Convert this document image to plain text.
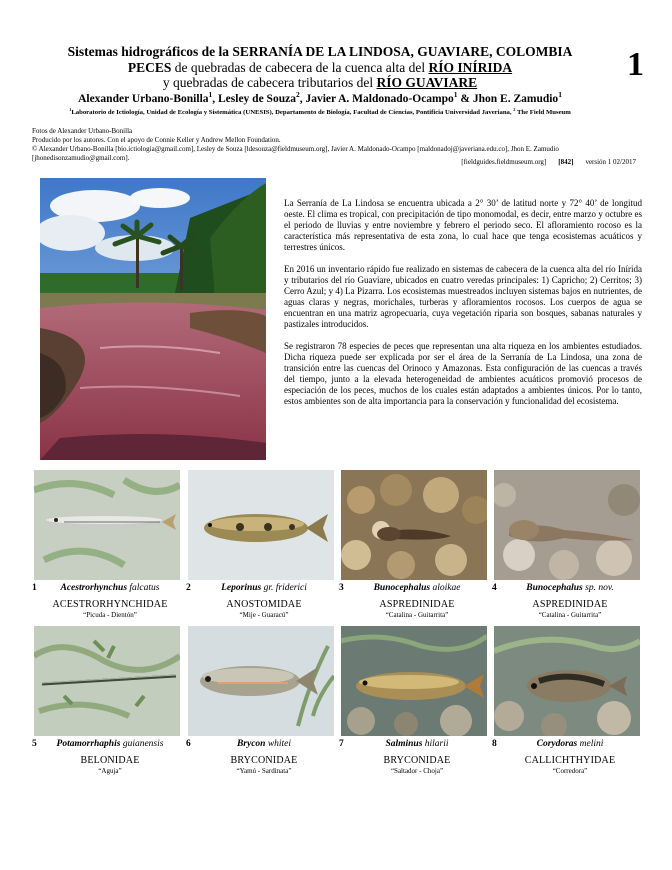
Sistemas hidrográficos de la SERRANÍA DE LA LINDOSA, GUAVIARE, COLOMBIA
PECES de quebradas de cabecera de la cuenca alta del RÍO INÍRIDA
y quebradas de cabecera tributarios del RÍO GUAVIARE
Alexander Urbano-Bonilla$^1$, Lesley de Souza$^2$, Javier A. Maldonado-Ocampo$^1$ & Jhon E. Zamudio$^1$
$^1$Laboratorio de Ictiología, Unidad de Ecología y Sistemática (UNESIS), Departamento de Biología, Facultad de Ciencias, Pontificia Universidad Javeriana, $^2$ The Field Museum
1
Fotos de Alexander Urbano-Bonilla
Producido por los autores. Con el apoyo de Connie Keller y Andrew Mellon Foundation.
© Alexander Urbano-Bonilla [bio.ictiologia@gmail.com], Lesley de Souza [ldesouza@fieldmuseum.org], Javier A. Maldonado-Ocampo [maldonadoj@javeriana.edu.co], Jhon E. Zamudio
[jhonedisonzamudio@gmail.com].	[fieldguides.fieldmuseum.org] [842] versión 1 02/2017

La Serranía de La Lindosa se encuentra ubicada a 2° 30’ de latitud norte y 72° 40’ de longitud oeste. El clima es tropical, con precipitación de tipo monomodal, es decir, entre marzo y octubre es el periodo de lluvias y entre noviembre y febrero el periodo seco. El afloramiento rocoso es la característica más representativa de esta zona, lo cual hace que tenga ecosistemas acuáticos y terrestres únicos.

En 2016 un inventario rápido fue realizado en sistemas de cabecera de la cuenca alta del río Inírida y tributarios del río Guaviare, ubicados en cuatro veredas principales: 1) Capricho; 2) Cerritos; 3) Cerro Azul; y 4) La Pizarra. Los ecosistemas muestreados incluyen sistemas bajos en nutrientes, de aguas claras y negras, morichales, turberas y afloramientos rocosos. Los cuerpos de agua se encuentran en una matriz agropecuaria, cuya vegetación riparia son bosques, sabanas naturales y pastizales introducidos.

Se registraron 78 especies de peces que representan una alta riqueza en los ambientes estudiados. Dicha riqueza puede ser explicada por ser el área de la Serranía de La Lindosa, una zona de transición entre las cuencas del Orinoco y Amazonas. Esta configuración de las cuencas a través del tiempo, junto a la elevada heterogeneidad de ambientes acuáticos promovió procesos de especiación de los peces, muchos de los cuales están adaptados a ambientes únicos. Por lo tanto, estos ambientes son de alta importancia para la conservación y funcionalidad del ecosistema.

1	Acestrorhynchus falcatus
ACESTRORHYNCHIDAE
“Picuda - Dientón”
2	Leporinus gr. friderici
ANOSTOMIDAE
“Mije - Guaracú”
3	Bunocephalus aloikae
ASPREDINIDAE
“Catalina - Guitarrita”
4	Bunocephalus sp. nov.
ASPREDINIDAE
“Catalina - Guitarrita”
5 Potamorrhaphis guianensis
BELONIDAE
“Aguja”
6	Brycon whitei
BRYCONIDAE
“Yamú - Sardinata”
7	Salminus hilarii
BRYCONIDAE
“Saltador - Choja”
8	Corydoras melini
CALLICHTHYIDAE
“Corredora”
